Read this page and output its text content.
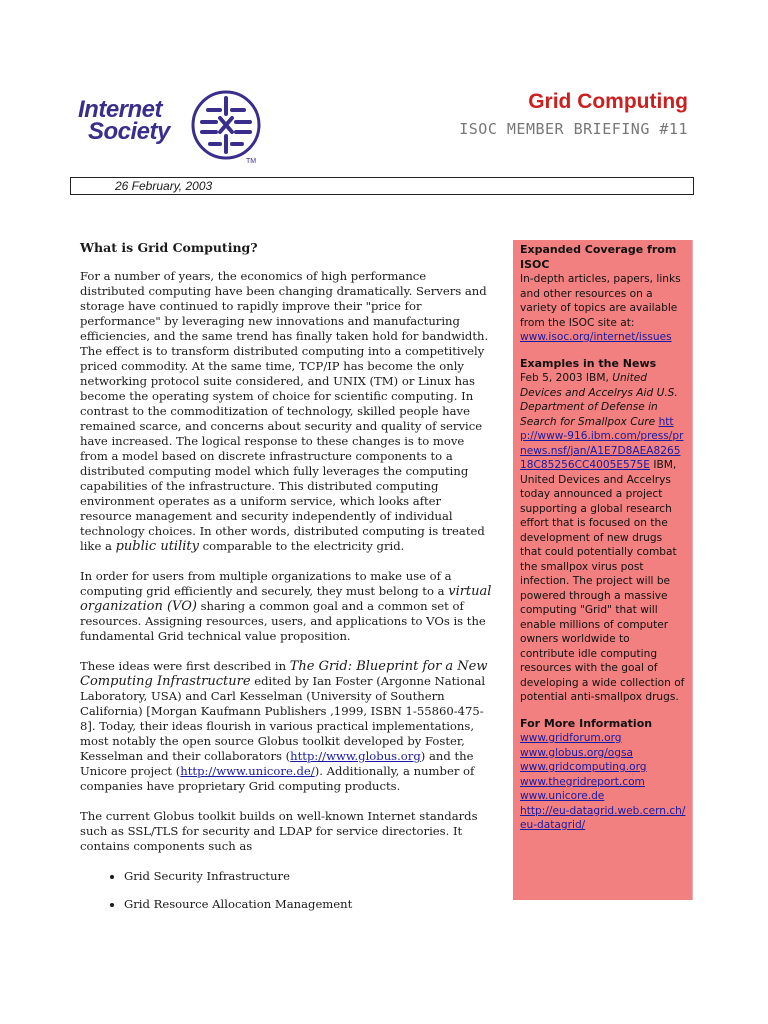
Internet
Society
TM
Grid Computing
ISOC MEMBER BRIEFING #11
26 February, 2003
What is Grid Computing?

For a number of years, the economics of high performance distributed computing have been changing dramatically. Servers and storage have continued to rapidly improve their "price for performance" by leveraging new innovations and manufacturing efficiencies, and the same trend has finally taken hold for bandwidth. The effect is to transform distributed computing into a competitively priced commodity. At the same time, TCP/IP has become the only networking protocol suite considered, and UNIX (TM) or Linux has become the operating system of choice for scientific computing. In contrast to the commoditization of technology, skilled people have remained scarce, and concerns about security and quality of service have increased. The logical response to these changes is to move from a model based on discrete infrastructure components to a distributed computing model which fully leverages the computing capabilities of the infrastructure. This distributed computing environment operates as a uniform service, which looks after resource management and security independently of individual technology choices. In other words, distributed computing is treated like a public utility comparable to the electricity grid.

In order for users from multiple organizations to make use of a computing grid efficiently and securely, they must belong to a virtual organization (VO) sharing a common goal and a common set of resources. Assigning resources, users, and applications to VOs is the fundamental Grid technical value proposition.

These ideas were first described in The Grid: Blueprint for a New Computing Infrastructure edited by Ian Foster (Argonne National Laboratory, USA) and Carl Kesselman (University of Southern California) [Morgan Kaufmann Publishers ,1999, ISBN 1-55860-475-8]. Today, their ideas flourish in various practical implementations, most notably the open source Globus toolkit developed by Foster, Kesselman and their collaborators (http://www.globus.org) and the Unicore project (http://www.unicore.de/). Additionally, a number of companies have proprietary Grid computing products.

The current Globus toolkit builds on well-known Internet standards such as SSL/TLS for security and LDAP for service directories. It contains components such as

• Grid Security Infrastructure
• Grid Resource Allocation Management
Expanded Coverage from ISOC
In-depth articles, papers, links and other resources on a variety of topics are available from the ISOC site at:
www.isoc.org/internet/issues
Examples in the News
Feb 5, 2003 IBM, United Devices and Accelrys Aid U.S. Department of Defense in Search for Smallpox Cure http://www-916.ibm.com/press/prnews.nsf/jan/A1E7D8AEA826518C85256CC4005E575E IBM, United Devices and Accelrys today announced a project supporting a global research effort that is focused on the development of new drugs that could potentially combat the smallpox virus post infection. The project will be powered through a massive computing "Grid" that will enable millions of computer owners worldwide to contribute idle computing resources with the goal of developing a wide collection of potential anti-smallpox drugs.
For More Information
www.gridforum.org
www.globus.org/ogsa
www.gridcomputing.org
www.thegridreport.com
www.unicore.de
http://eu-datagrid.web.cern.ch/eu-datagrid/
